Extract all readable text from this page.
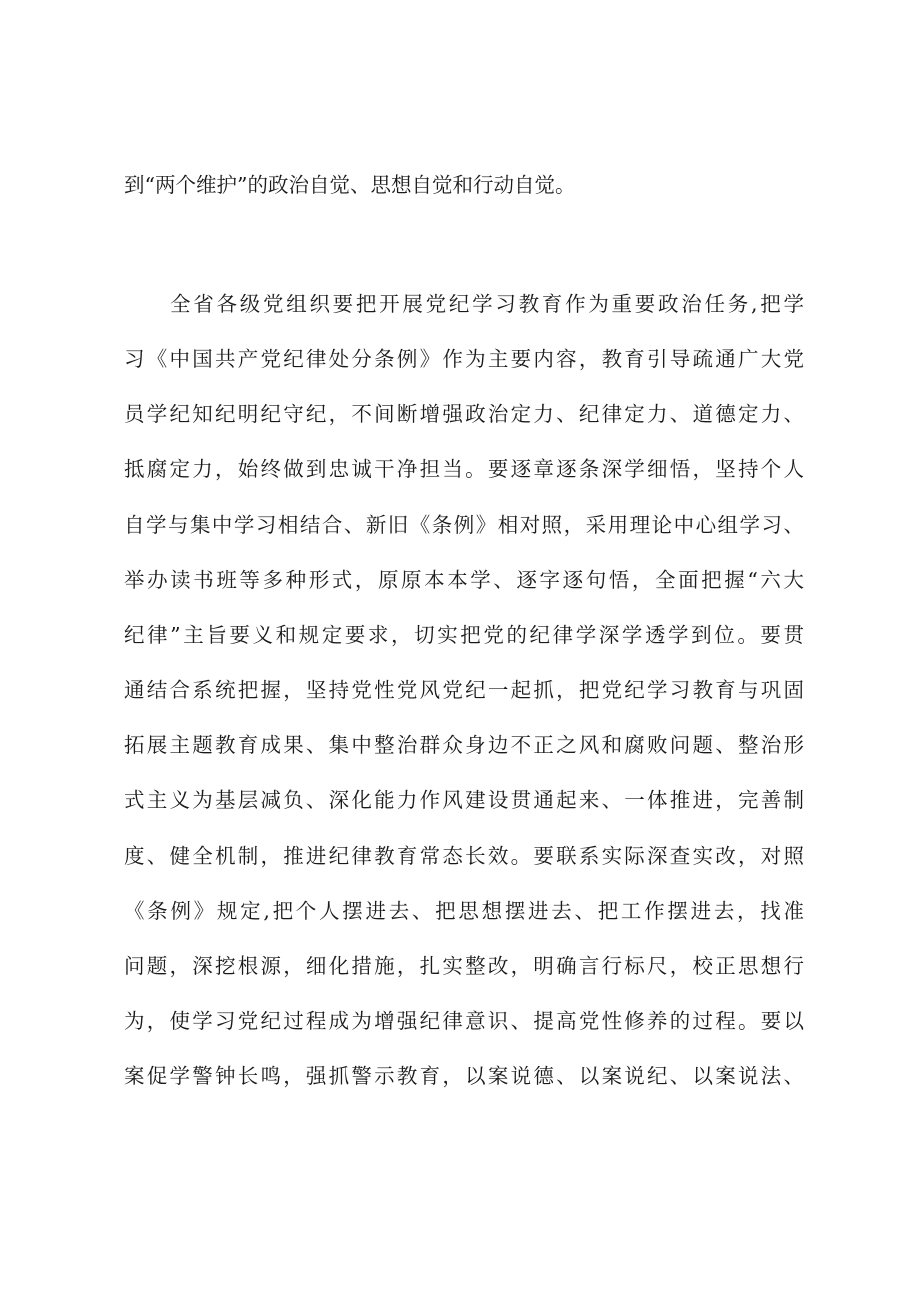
到“两个维护”的政治自觉、思想自觉和行动自觉。

全省各级党组织要把开展党纪学习教育作为重要政治任务,把学

习《中国共产党纪律处分条例》作为主要内容，教育引导疏通广大党

员学纪知纪明纪守纪，不间断增强政治定力、纪律定力、道德定力、

抵腐定力，始终做到忠诚干净担当。要逐章逐条深学细悟，坚持个人

自学与集中学习相结合、新旧《条例》相对照，采用理论中心组学习、

举办读书班等多种形式，原原本本学、逐字逐句悟，全面把握“六大

纪律”主旨要义和规定要求，切实把党的纪律学深学透学到位。要贯

通结合系统把握，坚持党性党风党纪一起抓，把党纪学习教育与巩固

拓展主题教育成果、集中整治群众身边不正之风和腐败问题、整治形

式主义为基层减负、深化能力作风建设贯通起来、一体推进，完善制

度、健全机制，推进纪律教育常态长效。要联系实际深查实改，对照

《条例》规定,把个人摆进去、把思想摆进去、把工作摆进去，找准

问题，深挖根源，细化措施，扎实整改，明确言行标尺，校正思想行

为，使学习党纪过程成为增强纪律意识、提高党性修养的过程。要以

案促学警钟长鸣，强抓警示教育，以案说德、以案说纪、以案说法、
